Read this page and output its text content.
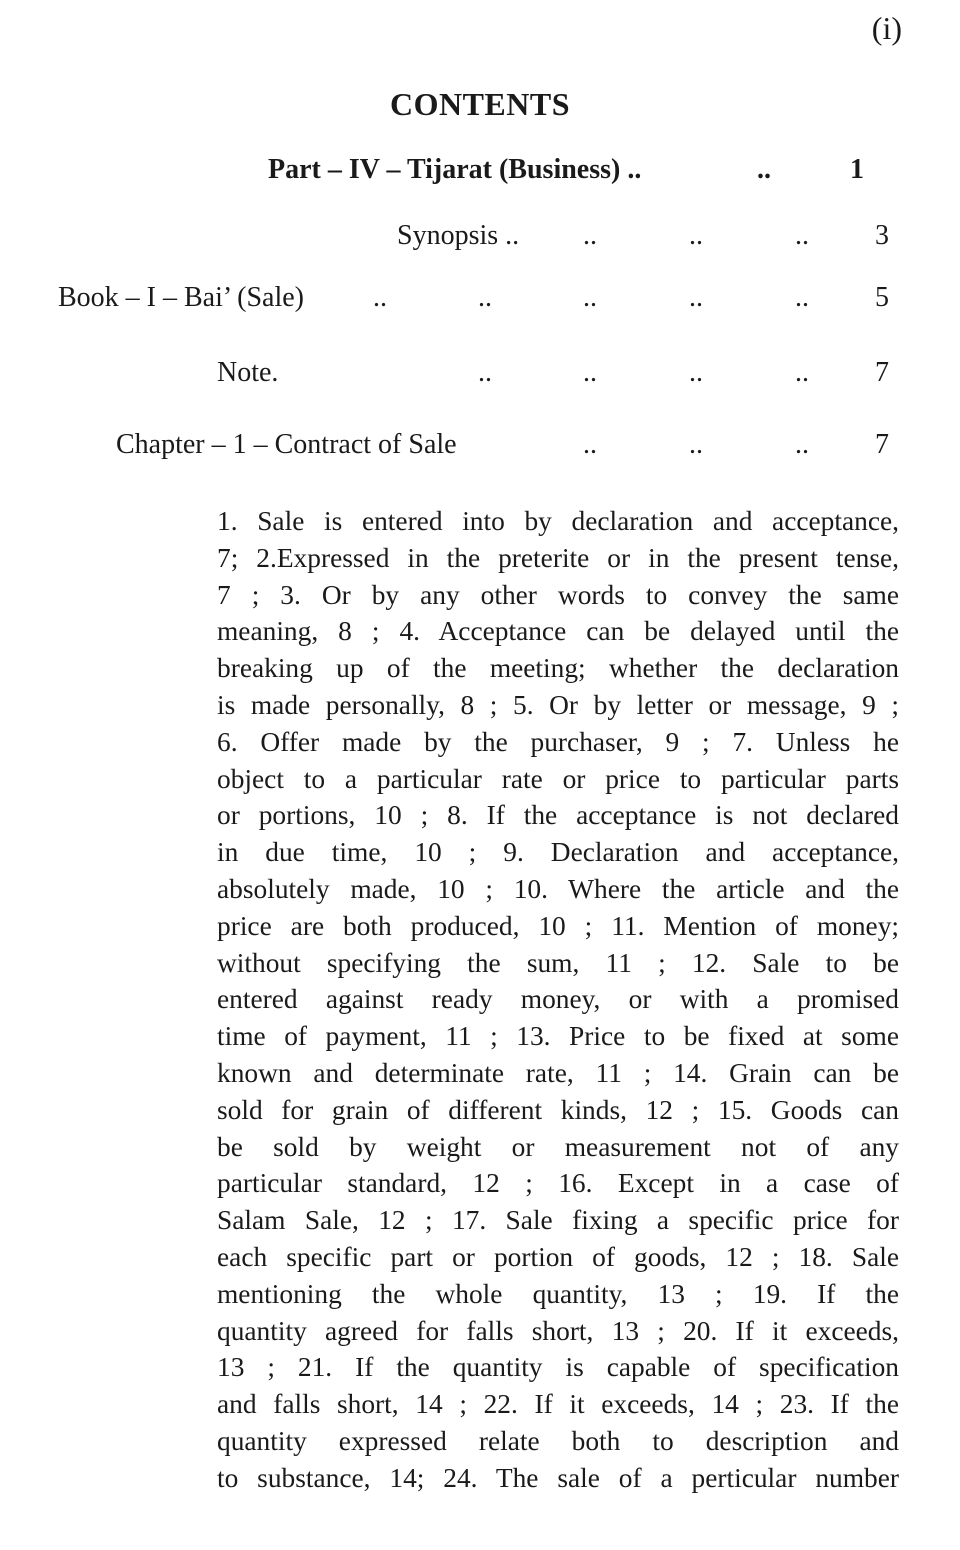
(i)
CONTENTS
Part – IV – Tijarat (Business) ..	..	1
Synopsis .. ..	..	..	3
Book – I – Bai’ (Sale) ..	..	..	..	..	5
Note.	..	..	..	..	7
Chapter – 1 – Contract of Sale	..	..	..	7
1. Sale is entered into by declaration and acceptance,
7; 2.Expressed in the preterite or in the present tense,
7 ; 3. Or by any other words to convey the same
meaning, 8 ; 4. Acceptance can be delayed until the
breaking up of the meeting; whether the declaration
is made personally, 8 ; 5. Or by letter or message, 9 ;
6. Offer made by the purchaser, 9 ; 7. Unless he
object to a particular rate or price to particular parts
or portions, 10 ; 8. If the acceptance is not declared
in due time, 10 ; 9. Declaration and acceptance,
absolutely made, 10 ; 10. Where the article and the
price are both produced, 10 ; 11. Mention of money;
without specifying the sum, 11 ; 12. Sale to be
entered against ready money, or with a promised
time of payment, 11 ; 13. Price to be fixed at some
known and determinate rate, 11 ; 14. Grain can be
sold for grain of different kinds, 12 ; 15. Goods can
be sold by weight or measurement not of any
particular standard, 12 ; 16. Except in a case of
Salam Sale, 12 ; 17. Sale fixing a specific price for
each specific part or portion of goods, 12 ; 18. Sale
mentioning the whole quantity, 13 ; 19. If the
quantity agreed for falls short, 13 ; 20. If it exceeds,
13 ; 21. If the quantity is capable of specification
and falls short, 14 ; 22. If it exceeds, 14 ; 23. If the
quantity expressed relate both to description and
to substance, 14; 24. The sale of a perticular number
